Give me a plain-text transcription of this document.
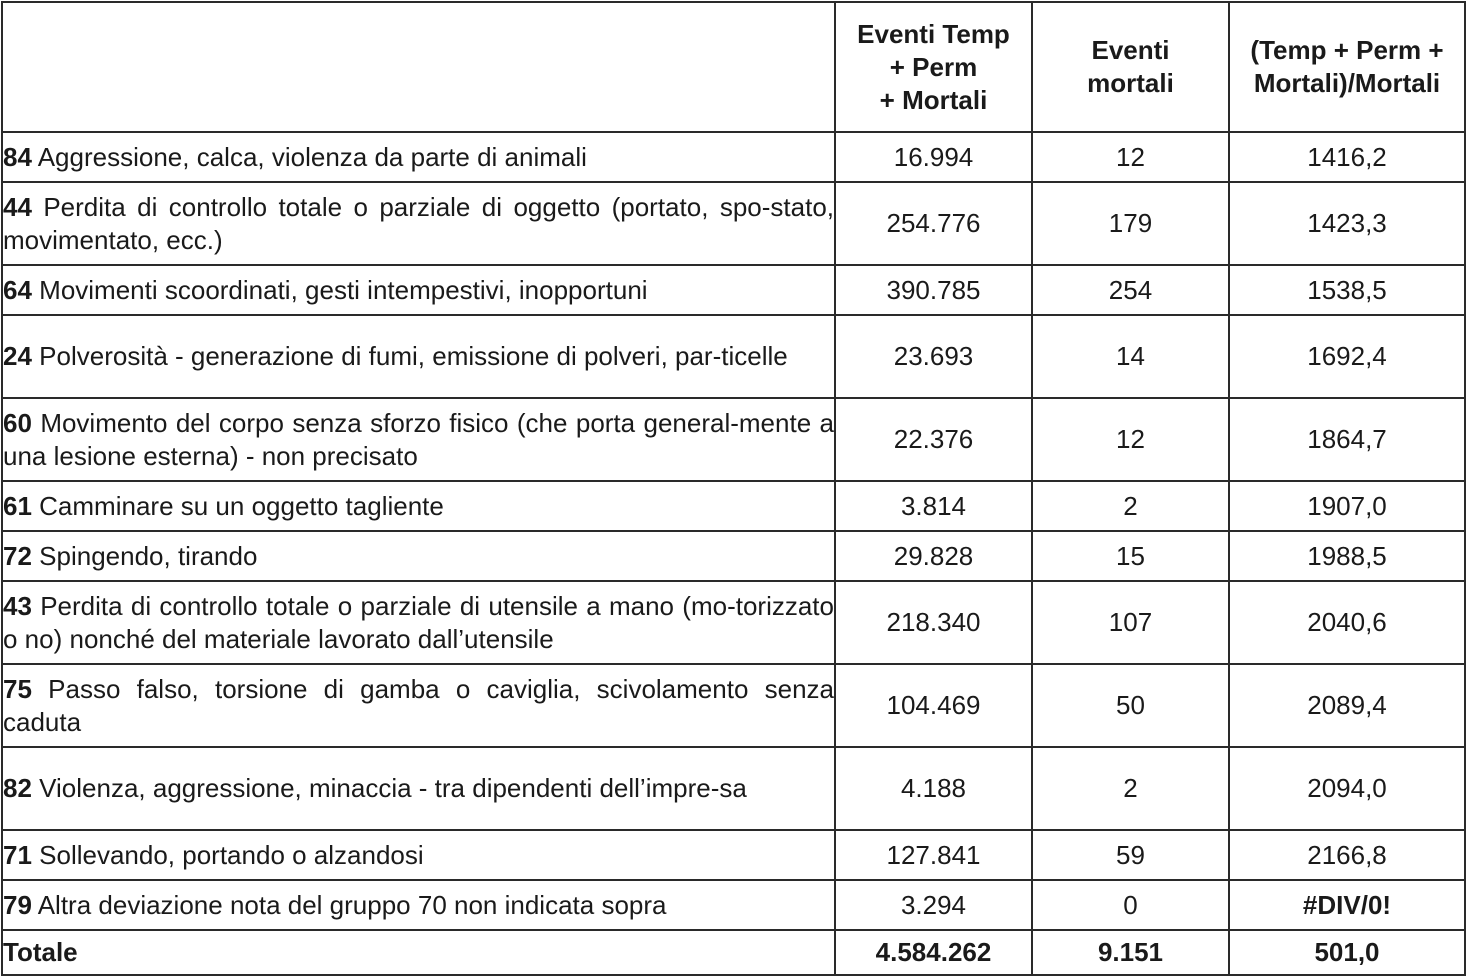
	Eventi Temp
+ Perm
+ Mortali	Eventi
mortali	(Temp + Perm +
Mortali)/Mortali

84 Aggressione, calca, violenza da parte di animali	16.994	12	1416,2
44 Perdita di controllo totale o parziale di oggetto (portato, spo-stato, movimentato, ecc.)	254.776	179	1423,3
64 Movimenti scoordinati, gesti intempestivi, inopportuni	390.785	254	1538,5
24 Polverosità - generazione di fumi, emissione di polveri, par-ticelle	23.693	14	1692,4
60 Movimento del corpo senza sforzo fisico (che porta general-mente a una lesione esterna) - non precisato	22.376	12	1864,7
61 Camminare su un oggetto tagliente	3.814	2	1907,0
72 Spingendo, tirando	29.828	15	1988,5
43 Perdita di controllo totale o parziale di utensile a mano (mo-torizzato o no) nonché del materiale lavorato dall’utensile	218.340	107	2040,6
75 Passo falso, torsione di gamba o caviglia, scivolamento senza caduta	104.469	50	2089,4
82 Violenza, aggressione, minaccia - tra dipendenti dell’impre-sa	4.188	2	2094,0
71 Sollevando, portando o alzandosi	127.841	59	2166,8
79 Altra deviazione nota del gruppo 70 non indicata sopra	3.294	0	#DIV/0!
Totale	4.584.262	9.151	501,0
